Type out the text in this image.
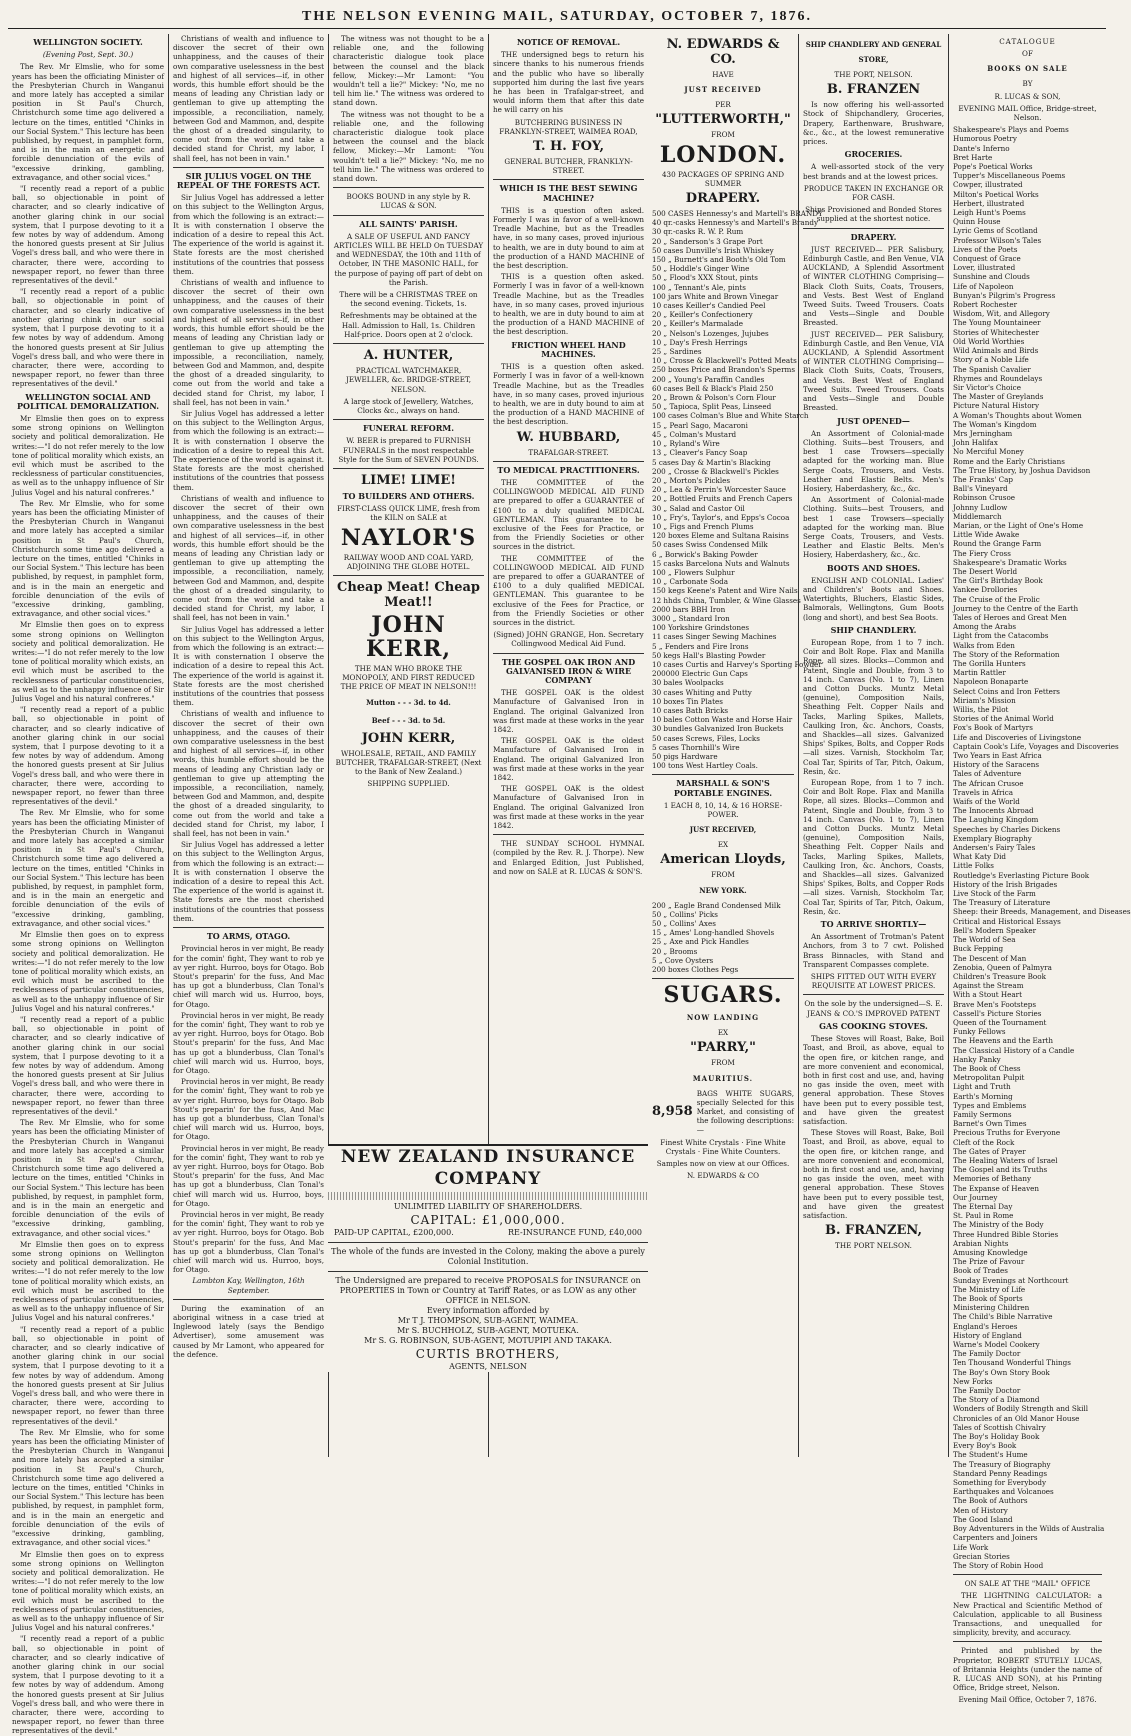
THE NELSON EVENING MAIL, SATURDAY, OCTOBER 7, 1876.
WELLINGTON SOCIETY.
(Evening Post, Sept. 30.)

The Rev. Mr Elmslie, who for some years has been the officiating Minister of the Presbyterian Church in Wanganui and more lately has accepted a similar position in St Paul's Church, Christchurch some time ago delivered a lecture on the times, entitled "Chinks in our Social System." This lecture has been published, by request, in pamphlet form, and is in the main an energetic and forcible denunciation of the evils of "excessive drinking, gambling, extravagance, and other social vices."

"I recently read a report of a public ball, so objectionable in point of character, and so clearly indicative of another glaring chink in our social system, that I purpose devoting to it a few notes by way of addendum. Among the honored guests present at Sir Julius Vogel's dress ball, and who were there in character, there were, according to newspaper report, no fewer than three representatives of the devil."

"I recently read a report of a public ball, so objectionable in point of character, and so clearly indicative of another glaring chink in our social system, that I purpose devoting to it a few notes by way of addendum. Among the honored guests present at Sir Julius Vogel's dress ball, and who were there in character, there were, according to newspaper report, no fewer than three representatives of the devil."

WELLINGTON SOCIAL AND POLITICAL DEMORALIZATION.

Mr Elmslie then goes on to express some strong opinions on Wellington society and political demoralization. He writes:—"I do not refer merely to the low tone of political morality which exists, an evil which must be ascribed to the recklessness of particular constituencies, as well as to the unhappy influence of Sir Julius Vogel and his natural confreres."

The Rev. Mr Elmslie, who for some years has been the officiating Minister of the Presbyterian Church in Wanganui and more lately has accepted a similar position in St Paul's Church, Christchurch some time ago delivered a lecture on the times, entitled "Chinks in our Social System." This lecture has been published, by request, in pamphlet form, and is in the main an energetic and forcible denunciation of the evils of "excessive drinking, gambling, extravagance, and other social vices."

Mr Elmslie then goes on to express some strong opinions on Wellington society and political demoralization. He writes:—"I do not refer merely to the low tone of political morality which exists, an evil which must be ascribed to the recklessness of particular constituencies, as well as to the unhappy influence of Sir Julius Vogel and his natural confreres."

"I recently read a report of a public ball, so objectionable in point of character, and so clearly indicative of another glaring chink in our social system, that I purpose devoting to it a few notes by way of addendum. Among the honored guests present at Sir Julius Vogel's dress ball, and who were there in character, there were, according to newspaper report, no fewer than three representatives of the devil."

The Rev. Mr Elmslie, who for some years has been the officiating Minister of the Presbyterian Church in Wanganui and more lately has accepted a similar position in St Paul's Church, Christchurch some time ago delivered a lecture on the times, entitled "Chinks in our Social System." This lecture has been published, by request, in pamphlet form, and is in the main an energetic and forcible denunciation of the evils of "excessive drinking, gambling, extravagance, and other social vices."

Mr Elmslie then goes on to express some strong opinions on Wellington society and political demoralization. He writes:—"I do not refer merely to the low tone of political morality which exists, an evil which must be ascribed to the recklessness of particular constituencies, as well as to the unhappy influence of Sir Julius Vogel and his natural confreres."

"I recently read a report of a public ball, so objectionable in point of character, and so clearly indicative of another glaring chink in our social system, that I purpose devoting to it a few notes by way of addendum. Among the honored guests present at Sir Julius Vogel's dress ball, and who were there in character, there were, according to newspaper report, no fewer than three representatives of the devil."

The Rev. Mr Elmslie, who for some years has been the officiating Minister of the Presbyterian Church in Wanganui and more lately has accepted a similar position in St Paul's Church, Christchurch some time ago delivered a lecture on the times, entitled "Chinks in our Social System." This lecture has been published, by request, in pamphlet form, and is in the main an energetic and forcible denunciation of the evils of "excessive drinking, gambling, extravagance, and other social vices."

Mr Elmslie then goes on to express some strong opinions on Wellington society and political demoralization. He writes:—"I do not refer merely to the low tone of political morality which exists, an evil which must be ascribed to the recklessness of particular constituencies, as well as to the unhappy influence of Sir Julius Vogel and his natural confreres."

"I recently read a report of a public ball, so objectionable in point of character, and so clearly indicative of another glaring chink in our social system, that I purpose devoting to it a few notes by way of addendum. Among the honored guests present at Sir Julius Vogel's dress ball, and who were there in character, there were, according to newspaper report, no fewer than three representatives of the devil."

The Rev. Mr Elmslie, who for some years has been the officiating Minister of the Presbyterian Church in Wanganui and more lately has accepted a similar position in St Paul's Church, Christchurch some time ago delivered a lecture on the times, entitled "Chinks in our Social System." This lecture has been published, by request, in pamphlet form, and is in the main an energetic and forcible denunciation of the evils of "excessive drinking, gambling, extravagance, and other social vices."

Mr Elmslie then goes on to express some strong opinions on Wellington society and political demoralization. He writes:—"I do not refer merely to the low tone of political morality which exists, an evil which must be ascribed to the recklessness of particular constituencies, as well as to the unhappy influence of Sir Julius Vogel and his natural confreres."

"I recently read a report of a public ball, so objectionable in point of character, and so clearly indicative of another glaring chink in our social system, that I purpose devoting to it a few notes by way of addendum. Among the honored guests present at Sir Julius Vogel's dress ball, and who were there in character, there were, according to newspaper report, no fewer than three representatives of the devil."

Christians of wealth and influence to discover the secret of their own unhappiness, and the causes of their own comparative uselessness in the best and highest of all services—if, in other words, this humble effort should be the means of leading any Christian lady or gentleman to give up attempting the impossible, a reconciliation, namely, between God and Mammon, and, despite the ghost of a dreaded singularity, to come out from the world and take a decided stand for Christ, my labor, I shall feel, has not been in vain."

SIR JULIUS VOGEL ON THE REPEAL OF THE FORESTS ACT.

Sir Julius Vogel has addressed a letter on this subject to the Wellington Argus, from which the following is an extract:—It is with consternation I observe the indication of a desire to repeal this Act. The experience of the world is against it. State forests are the most cherished institutions of the countries that possess them.

Christians of wealth and influence to discover the secret of their own unhappiness, and the causes of their own comparative uselessness in the best and highest of all services—if, in other words, this humble effort should be the means of leading any Christian lady or gentleman to give up attempting the impossible, a reconciliation, namely, between God and Mammon, and, despite the ghost of a dreaded singularity, to come out from the world and take a decided stand for Christ, my labor, I shall feel, has not been in vain."

Sir Julius Vogel has addressed a letter on this subject to the Wellington Argus, from which the following is an extract:—It is with consternation I observe the indication of a desire to repeal this Act. The experience of the world is against it. State forests are the most cherished institutions of the countries that possess them.

Christians of wealth and influence to discover the secret of their own unhappiness, and the causes of their own comparative uselessness in the best and highest of all services—if, in other words, this humble effort should be the means of leading any Christian lady or gentleman to give up attempting the impossible, a reconciliation, namely, between God and Mammon, and, despite the ghost of a dreaded singularity, to come out from the world and take a decided stand for Christ, my labor, I shall feel, has not been in vain."

Sir Julius Vogel has addressed a letter on this subject to the Wellington Argus, from which the following is an extract:—It is with consternation I observe the indication of a desire to repeal this Act. The experience of the world is against it. State forests are the most cherished institutions of the countries that possess them.

Christians of wealth and influence to discover the secret of their own unhappiness, and the causes of their own comparative uselessness in the best and highest of all services—if, in other words, this humble effort should be the means of leading any Christian lady or gentleman to give up attempting the impossible, a reconciliation, namely, between God and Mammon, and, despite the ghost of a dreaded singularity, to come out from the world and take a decided stand for Christ, my labor, I shall feel, has not been in vain."

Sir Julius Vogel has addressed a letter on this subject to the Wellington Argus, from which the following is an extract:—It is with consternation I observe the indication of a desire to repeal this Act. The experience of the world is against it. State forests are the most cherished institutions of the countries that possess them.

TO ARMS, OTAGO.

Provincial heros in ver might, Be ready for the comin' fight, They want to rob ye av yer right. Hurroo, boys for Otago. Bob Stout's preparin' for the fuss, And Mac has up got a blunderbuss, Clan Tonal's chief will march wid us. Hurroo, boys, for Otago.

Provincial heros in ver might, Be ready for the comin' fight, They want to rob ye av yer right. Hurroo, boys for Otago. Bob Stout's preparin' for the fuss, And Mac has up got a blunderbuss, Clan Tonal's chief will march wid us. Hurroo, boys, for Otago.

Provincial heros in ver might, Be ready for the comin' fight, They want to rob ye av yer right. Hurroo, boys for Otago. Bob Stout's preparin' for the fuss, And Mac has up got a blunderbuss, Clan Tonal's chief will march wid us. Hurroo, boys, for Otago.

Provincial heros in ver might, Be ready for the comin' fight, They want to rob ye av yer right. Hurroo, boys for Otago. Bob Stout's preparin' for the fuss, And Mac has up got a blunderbuss, Clan Tonal's chief will march wid us. Hurroo, boys, for Otago.

Provincial heros in ver might, Be ready for the comin' fight, They want to rob ye av yer right. Hurroo, boys for Otago. Bob Stout's preparin' for the fuss, And Mac has up got a blunderbuss, Clan Tonal's chief will march wid us. Hurroo, boys, for Otago.

Lambton Kay, Wellington, 16th September.

During the examination of an aboriginal witness in a case tried at Inglewood lately (says the Bendigo Advertiser), some amusement was caused by Mr Lamont, who appeared for the defence.

The witness was not thought to be a reliable one, and the following characteristic dialogue took place between the counsel and the black fellow, Mickey:—Mr Lamont: "You wouldn't tell a lie?" Mickey: "No, me no tell him lie." The witness was ordered to stand down.

The witness was not thought to be a reliable one, and the following characteristic dialogue took place between the counsel and the black fellow, Mickey:—Mr Lamont: "You wouldn't tell a lie?" Mickey: "No, me no tell him lie." The witness was ordered to stand down.

BOOKS BOUND in any style by R. LUCAS & SON.
ALL SAINTS' PARISH.
A SALE OF USEFUL AND FANCY ARTICLES WILL BE HELD On TUESDAY and WEDNESDAY, the 10th and 11th of October, IN THE MASONIC HALL, for the purpose of paying off part of debt on the Parish.
There will be a CHRISTMAS TREE on the second evening. Tickets, 1s.
Refreshments may be obtained at the Hall. Admission to Hall, 1s. Children Half-price. Doors open at 2 o'clock.
A. HUNTER,
PRACTICAL WATCHMAKER, JEWELLER, &c. BRIDGE-STREET, NELSON.
A large stock of Jewellery, Watches, Clocks &c., always on hand.
FUNERAL REFORM.
W. BEER is prepared to FURNISH FUNERALS in the most respectable Style for the Sum of SEVEN POUNDS.
LIME! LIME!
TO BUILDERS AND OTHERS.
FIRST-CLASS QUICK LIME, fresh from the KILN on SALE at
NAYLOR'S
RAILWAY WOOD AND COAL YARD, ADJOINING THE GLOBE HOTEL.
Cheap Meat! Cheap Meat!!
JOHN KERR,
THE MAN WHO BROKE THE MONOPOLY, AND FIRST REDUCED THE PRICE OF MEAT IN NELSON!!!
Mutton - - - 3d. to 4d.
Beef - - - 3d. to 5d.
JOHN KERR,
WHOLESALE, RETAIL, AND FAMILY BUTCHER, TRAFALGAR-STREET, (Next to the Bank of New Zealand.)
SHIPPING SUPPLIED.
NOTICE OF REMOVAL.

THE undersigned begs to return his sincere thanks to his numerous friends and the public who have so liberally supported him during the last five years he has been in Trafalgar-street, and would inform them that after this date he will carry on his

BUTCHERING BUSINESS IN FRANKLYN-STREET, WAIMEA ROAD,
T. H. FOY,
GENERAL BUTCHER, FRANKLYN-STREET.
WHICH IS THE BEST SEWING MACHINE?

THIS is a question often asked. Formerly I was in favor of a well-known Treadle Machine, but as the Treadles have, in so many cases, proved injurious to health, we are in duty bound to aim at the production of a HAND MACHINE of the best description.

THIS is a question often asked. Formerly I was in favor of a well-known Treadle Machine, but as the Treadles have, in so many cases, proved injurious to health, we are in duty bound to aim at the production of a HAND MACHINE of the best description.

FRICTION WHEEL HAND MACHINES.

THIS is a question often asked. Formerly I was in favor of a well-known Treadle Machine, but as the Treadles have, in so many cases, proved injurious to health, we are in duty bound to aim at the production of a HAND MACHINE of the best description.

W. HUBBARD,
TRAFALGAR-STREET.
TO MEDICAL PRACTITIONERS.

THE COMMITTEE of the COLLINGWOOD MEDICAL AID FUND are prepared to offer a GUARANTEE of £100 to a duly qualified MEDICAL GENTLEMAN. This guarantee to be exclusive of the Fees for Practice, or from the Friendly Societies or other sources in the district.

THE COMMITTEE of the COLLINGWOOD MEDICAL AID FUND are prepared to offer a GUARANTEE of £100 to a duly qualified MEDICAL GENTLEMAN. This guarantee to be exclusive of the Fees for Practice, or from the Friendly Societies or other sources in the district.

(Signed) JOHN GRANGE, Hon. Secretary Collingwood Medical Aid Fund.
THE GOSPEL OAK IRON AND GALVANISED IRON & WIRE COMPANY

THE GOSPEL OAK is the oldest Manufacture of Galvanised Iron in England. The original Galvanized Iron was first made at these works in the year 1842.

THE GOSPEL OAK is the oldest Manufacture of Galvanised Iron in England. The original Galvanized Iron was first made at these works in the year 1842.

THE GOSPEL OAK is the oldest Manufacture of Galvanised Iron in England. The original Galvanized Iron was first made at these works in the year 1842.

THE SUNDAY SCHOOL HYMNAL (compiled by the Rev. R. J. Thorpe). New and Enlarged Edition, Just Published, and now on SALE at R. LUCAS & SON'S.

NEW ZEALAND INSURANCE COMPANY
UNLIMITED LIABILITY OF SHAREHOLDERS.
CAPITAL: £1,000,000.
PAID-UP CAPITAL, £200,000.	RE-INSURANCE FUND, £40,000
The whole of the funds are invested in the Colony, making the above a purely Colonial Institution.
The Undersigned are prepared to receive PROPOSALS for INSURANCE on PROPERTIES in Town or Country at Tariff Rates, or as LOW as any other OFFICE in NELSON.
Every information afforded by
Mr T J. THOMPSON, SUB-AGENT, WAIMEA.
Mr S. BUCHHOLZ, SUB-AGENT, MOTUEKA.
Mr S. G. ROBINSON, SUB-AGENT, MOTUPIPI AND TAKAKA.
CURTIS BROTHERS,
AGENTS, NELSON
N. EDWARDS & CO.
HAVE
JUST RECEIVED
PER
"LUTTERWORTH,"
FROM
LONDON.
430 PACKAGES OF SPRING AND SUMMER
DRAPERY.
500 CASES Hennessy's and Martell's BRANDY
40 qr.-casks Hennessy's and Martell's Brandy
30 qr.-casks R. W. P. Rum
20 „ Sanderson's 3 Grape Port
50 cases Dunville's Irish Whiskey
150 „ Burnett's and Booth's Old Tom
50 „ Hoddle's Ginger Wine
50 „ Flood's XXX Stout, pints
100 „ Tennant's Ale, pints
100 jars White and Brown Vinegar
10 cases Keiller's Candied Peel
20 „ Keiller's Confectionery
20 „ Keiller's Marmalade
20 „ Nelson's Lozenges, Jujubes
10 „ Day's Fresh Herrings
25 „ Sardines
10 „ Crosse & Blackwell's Potted Meats
250 boxes Price and Brandon's Sperms
200 „ Young's Paraffin Candles
60 cases Bell & Black's Plaid 250
20 „ Brown & Polson's Corn Flour
50 „ Tapioca, Split Peas, Linseed
100 cases Colman's Blue and White Starch
15 „ Pearl Sago, Macaroni
45 „ Colman's Mustard
10 „ Ryland's Wire
13 „ Cleaver's Fancy Soap
5 cases Day & Martin's Blacking
200 „ Crosse & Blackwell's Pickles
20 „ Morton's Pickles
20 „ Lea & Perrin's Worcester Sauce
20 „ Bottled Fruits and French Capers
30 „ Salad and Castor Oil
10 „ Fry's, Taylor's, and Epps's Cocoa
10 „ Figs and French Plums
120 boxes Eleme and Sultana Raisins
50 cases Swiss Condensed Milk
6 „ Borwick's Baking Powder
15 casks Barcelona Nuts and Walnuts
100 „ Flowers Sulphur
10 „ Carbonate Soda
150 kegs Keene's Patent and Wire Nails
12 hhds China, Tumbler, & Wine Glasses
2000 bars BBH Iron
3000 „ Standard Iron
100 Yorkshire Grindstones
11 cases Singer Sewing Machines
5 „ Fenders and Fire Irons
50 kegs Hall's Blasting Powder
10 cases Curtis and Harvey's Sporting Powder
200000 Electric Gun Caps
30 bales Woolpacks
30 cases Whiting and Putty
10 boxes Tin Plates
10 cases Bath Bricks
10 bales Cotton Waste and Horse Hair
30 bundles Galvanized Iron Buckets
50 cases Screws, Files, Locks
5 cases Thornhill's Wire
50 pigs Hardware
100 tons West Hartley Coals.
MARSHALL & SON'S PORTABLE ENGINES.
1 EACH 8, 10, 14, & 16 HORSE-POWER.
JUST RECEIVED,
EX
American Lloyds,
FROM
NEW YORK.
200 „ Eagle Brand Condensed Milk
50 „ Collins' Picks
50 „ Collins' Axes
15 „ Ames' Long-handled Shovels
25 „ Axe and Pick Handles
20 „ Brooms
5 „ Cove Oysters
200 boxes Clothes Pegs
SUGARS.
NOW LANDING
EX
"PARRY,"
FROM
MAURITIUS.
8,958
BAGS WHITE SUGARS, specially Selected for this Market, and consisting of the following descriptions:—
Finest White Crystals · Fine White Crystals · Fine White Counters.
Samples now on view at our Offices.
N. EDWARDS & CO
SHIP CHANDLERY AND GENERAL STORE,
THE PORT, NELSON.
B. FRANZEN

Is now offering his well-assorted Stock of Shipchandlery, Groceries, Drapery, Earthenware, Brushware, &c., &c., at the lowest remunerative prices.

GROCERIES.

A well-assorted stock of the very best brands and at the lowest prices.

PRODUCE TAKEN IN EXCHANGE OR FOR CASH.
Ships Provisioned and Bonded Stores supplied at the shortest notice.
DRAPERY.

JUST RECEIVED— PER Salisbury, Edinburgh Castle, and Ben Venue, VIA AUCKLAND, A Splendid Assortment of WINTER CLOTHING Comprising—Black Cloth Suits, Coats, Trousers, and Vests. Best West of England Tweed Suits. Tweed Trousers. Coats and Vests—Single and Double Breasted.

JUST RECEIVED— PER Salisbury, Edinburgh Castle, and Ben Venue, VIA AUCKLAND, A Splendid Assortment of WINTER CLOTHING Comprising—Black Cloth Suits, Coats, Trousers, and Vests. Best West of England Tweed Suits. Tweed Trousers. Coats and Vests—Single and Double Breasted.

JUST OPENED—

An Assortment of Colonial-made Clothing. Suits—best Trousers, and best 1 case Trowsers—specially adapted for the working man. Blue Serge Coats, Trousers, and Vests. Leather and Elastic Belts. Men's Hosiery, Haberdashery, &c., &c.

An Assortment of Colonial-made Clothing. Suits—best Trousers, and best 1 case Trowsers—specially adapted for the working man. Blue Serge Coats, Trousers, and Vests. Leather and Elastic Belts. Men's Hosiery, Haberdashery, &c., &c.

BOOTS AND SHOES.

ENGLISH AND COLONIAL. Ladies' and Children's' Boots and Shoes. Watertights, Bluchers, Elastic Sides, Balmorals, Wellingtons, Gum Boots (long and short), and best Sea Boots.

SHIP CHANDLERY.

European Rope, from 1 to 7 inch. Coir and Bolt Rope. Flax and Manilla Rope, all sizes. Blocks—Common and Patent, Single and Double, from 3 to 14 inch. Canvas (No. 1 to 7), Linen and Cotton Ducks. Muntz Metal (genuine), Composition Nails, Sheathing Felt. Copper Nails and Tacks, Marling Spikes, Mallets, Caulking Iron, &c. Anchors, Coasts, and Shackles—all sizes. Galvanized Ships' Spikes, Bolts, and Copper Rods—all sizes. Varnish, Stockholm Tar, Coal Tar, Spirits of Tar, Pitch, Oakum, Resin, &c.

European Rope, from 1 to 7 inch. Coir and Bolt Rope. Flax and Manilla Rope, all sizes. Blocks—Common and Patent, Single and Double, from 3 to 14 inch. Canvas (No. 1 to 7), Linen and Cotton Ducks. Muntz Metal (genuine), Composition Nails, Sheathing Felt. Copper Nails and Tacks, Marling Spikes, Mallets, Caulking Iron, &c. Anchors, Coasts, and Shackles—all sizes. Galvanized Ships' Spikes, Bolts, and Copper Rods—all sizes. Varnish, Stockholm Tar, Coal Tar, Spirits of Tar, Pitch, Oakum, Resin, &c.

TO ARRIVE SHORTLY—

An Assortment of Trotman's Patent Anchors, from 3 to 7 cwt. Polished Brass Binnacles, with Stand and Transparent Compasses complete.

SHIPS FITTED OUT WITH EVERY REQUISITE AT LOWEST PRICES.
On the sole by the undersigned—S. E. JEANS & CO.'S IMPROVED PATENT
GAS COOKING STOVES.

These Stoves will Roast, Bake, Boil Toast, and Broil, as above, equal to the open fire, or kitchen range, and are more convenient and economical, both in first cost and use, and, having no gas inside the oven, meet with general approbation. These Stoves have been put to every possible test, and have given the greatest satisfaction.

These Stoves will Roast, Bake, Boil Toast, and Broil, as above, equal to the open fire, or kitchen range, and are more convenient and economical, both in first cost and use, and, having no gas inside the oven, meet with general approbation. These Stoves have been put to every possible test, and have given the greatest satisfaction.

B. FRANZEN,
THE PORT NELSON.
CATALOGUE
OF
BOOKS ON SALE
BY
R. LUCAS & SON,
EVENING MAIL Office, Bridge-street, Nelson.
Shakespeare's Plays and Poems
Humorous Poetry
Dante's Inferno
Bret Harte
Pope's Poetical Works
Tupper's Miscellaneous Poems
Cowper, illustrated
Milton's Poetical Works
Herbert, illustrated
Leigh Hunt's Poems
Quinn House
Lyric Gems of Scotland
Professor Wilson's Tales
Lives of the Poets
Conquest of Grace
Lover, illustrated
Sunshine and Clouds
Life of Napoleon
Bunyan's Pilgrim's Progress
Robert Rochester
Wisdom, Wit, and Allegory
The Young Mountaineer
Stories of Whitechester
Old World Worthies
Wild Animals and Birds
Story of a Noble Life
The Spanish Cavalier
Rhymes and Roundelays
Sir Victor's Choice
The Master of Greylands
Picture Natural History
A Woman's Thoughts about Women
The Woman's Kingdom
Mrs Jerningham
John Halifax
No Merciful Money
Rome and the Early Christians
The True History, by Joshua Davidson
The Franks' Cap
Ball's Vineyard
Robinson Crusoe
Johnny Ludlow
Middlemarch
Marian, or the Light of One's Home
Little Wide Awake
Round the Grange Farm
The Fiery Cross
Shakespeare's Dramatic Works
The Desert World
The Girl's Birthday Book
Yankee Drollories
The Cruise of the Frolic
Journey to the Centre of the Earth
Tales of Heroes and Great Men
Among the Arabs
Light from the Catacombs
Walks from Eden
The Story of the Reformation
The Gorilla Hunters
Martin Rattler
Napoleon Bonaparte
Select Coins and Iron Fetters
Miriam's Mission
Willis, the Pilot
Stories of the Animal World
Fox's Book of Martyrs
Life and Discoveries of Livingstone
Captain Cook's Life, Voyages and Discoveries
Two Years in East Africa
History of the Saracens
Tales of Adventure
The African Crusoe
Travels in Africa
Waifs of the World
The Innocents Abroad
The Laughing Kingdom
Speeches by Charles Dickens
Exemplary Biography
Andersen's Fairy Tales
What Katy Did
Little Folks
Routledge's Everlasting Picture Book
History of the Irish Brigades
Live Stock of the Farm
The Treasury of Literature
Sheep: their Breeds, Management, and Diseases
Critical and Historical Essays
Bell's Modern Speaker
The World of Sea
Buck Fepping
The Descent of Man
Zenobia, Queen of Palmyra
Children's Treasure Book
Against the Stream
With a Stout Heart
Brave Men's Footsteps
Cassell's Picture Stories
Queen of the Tournament
Funky Fellows
The Heavens and the Earth
The Classical History of a Candle
Hanky Panky
The Book of Chess
Metropolitan Pulpit
Light and Truth
Earth's Morning
Types and Emblems
Family Sermons
Barnet's Own Times
Precious Truths for Everyone
Cleft of the Rock
The Gates of Prayer
The Healing Waters of Israel
The Gospel and its Truths
Memories of Bethany
The Expanse of Heaven
Our Journey
The Eternal Day
St. Paul in Rome
The Ministry of the Body
Three Hundred Bible Stories
Arabian Nights
Amusing Knowledge
The Prize of Favour
Book of Trades
Sunday Evenings at Northcourt
The Ministry of Life
The Book of Sports
Ministering Children
The Child's Bible Narrative
England's Heroes
History of England
Warne's Model Cookery
The Family Doctor
Ten Thousand Wonderful Things
The Boy's Own Story Book
New Forks
The Family Doctor
The Story of a Diamond
Wonders of Bodily Strength and Skill
Chronicles of an Old Manor House
Tales of Scottish Chivalry
The Boy's Holiday Book
Every Boy's Book
The Student's Hume
The Treasury of Biography
Standard Penny Readings
Something for Everybody
Earthquakes and Volcanoes
The Book of Authors
Men of History
The Good Island
Boy Adventurers in the Wilds of Australia
Carpenters and Joiners
Life Work
Grecian Stories
The Story of Robin Hood
ON SALE AT THE "MAIL" OFFICE

THE LIGHTNING CALCULATOR: a New Practical and Scientific Method of Calculation, applicable to all Business Transactions, and unequalled for simplicity, brevity, and accuracy.

Printed and published by the Proprietor, ROBERT STUTELY LUCAS, of Britannia Heights (under the name of R. LUCAS AND SON), at his Printing Office, Bridge street, Nelson.

Evening Mail Office, October 7, 1876.
